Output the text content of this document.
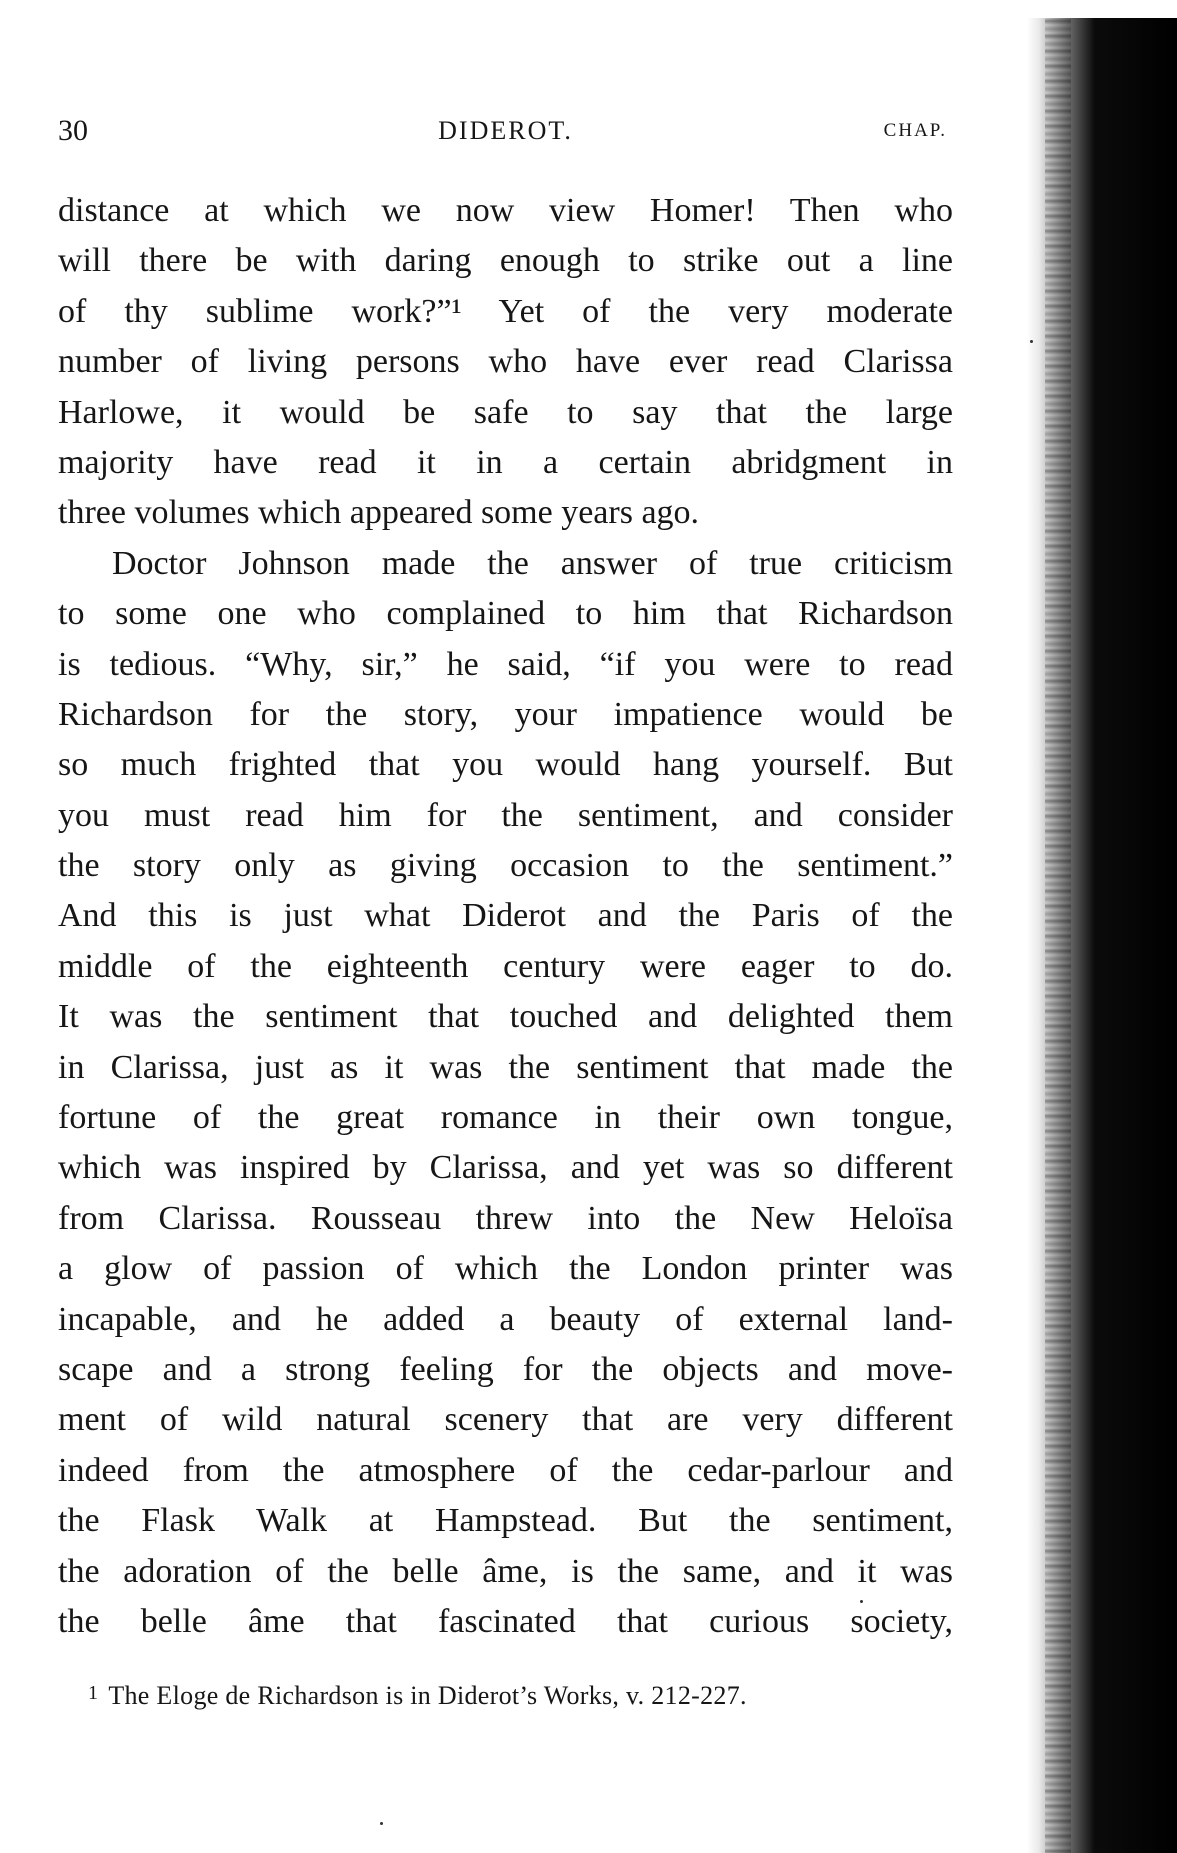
30	DIDEROT.	CHAP.
distance at which we now view Homer! Then who
will there be with daring enough to strike out a line
of thy sublime work?”¹ Yet of the very moderate
number of living persons who have ever read Clarissa
Harlowe, it would be safe to say that the large
majority have read it in a certain abridgment in
three volumes which appeared some years ago.
Doctor Johnson made the answer of true criticism
to some one who complained to him that Richardson
is tedious. “Why, sir,” he said, “if you were to read
Richardson for the story, your impatience would be
so much frighted that you would hang yourself. But
you must read him for the sentiment, and consider
the story only as giving occasion to the sentiment.”
And this is just what Diderot and the Paris of the
middle of the eighteenth century were eager to do.
It was the sentiment that touched and delighted them
in Clarissa, just as it was the sentiment that made the
fortune of the great romance in their own tongue,
which was inspired by Clarissa, and yet was so different
from Clarissa. Rousseau threw into the New Heloïsa
a glow of passion of which the London printer was
incapable, and he added a beauty of external land-
scape and a strong feeling for the objects and move-
ment of wild natural scenery that are very different
indeed from the atmosphere of the cedar-parlour and
the Flask Walk at Hampstead. But the sentiment,
the adoration of the belle âme, is the same, and it was
the belle âme that fascinated that curious society,
1 The Eloge de Richardson is in Diderot’s Works, v. 212-227.
